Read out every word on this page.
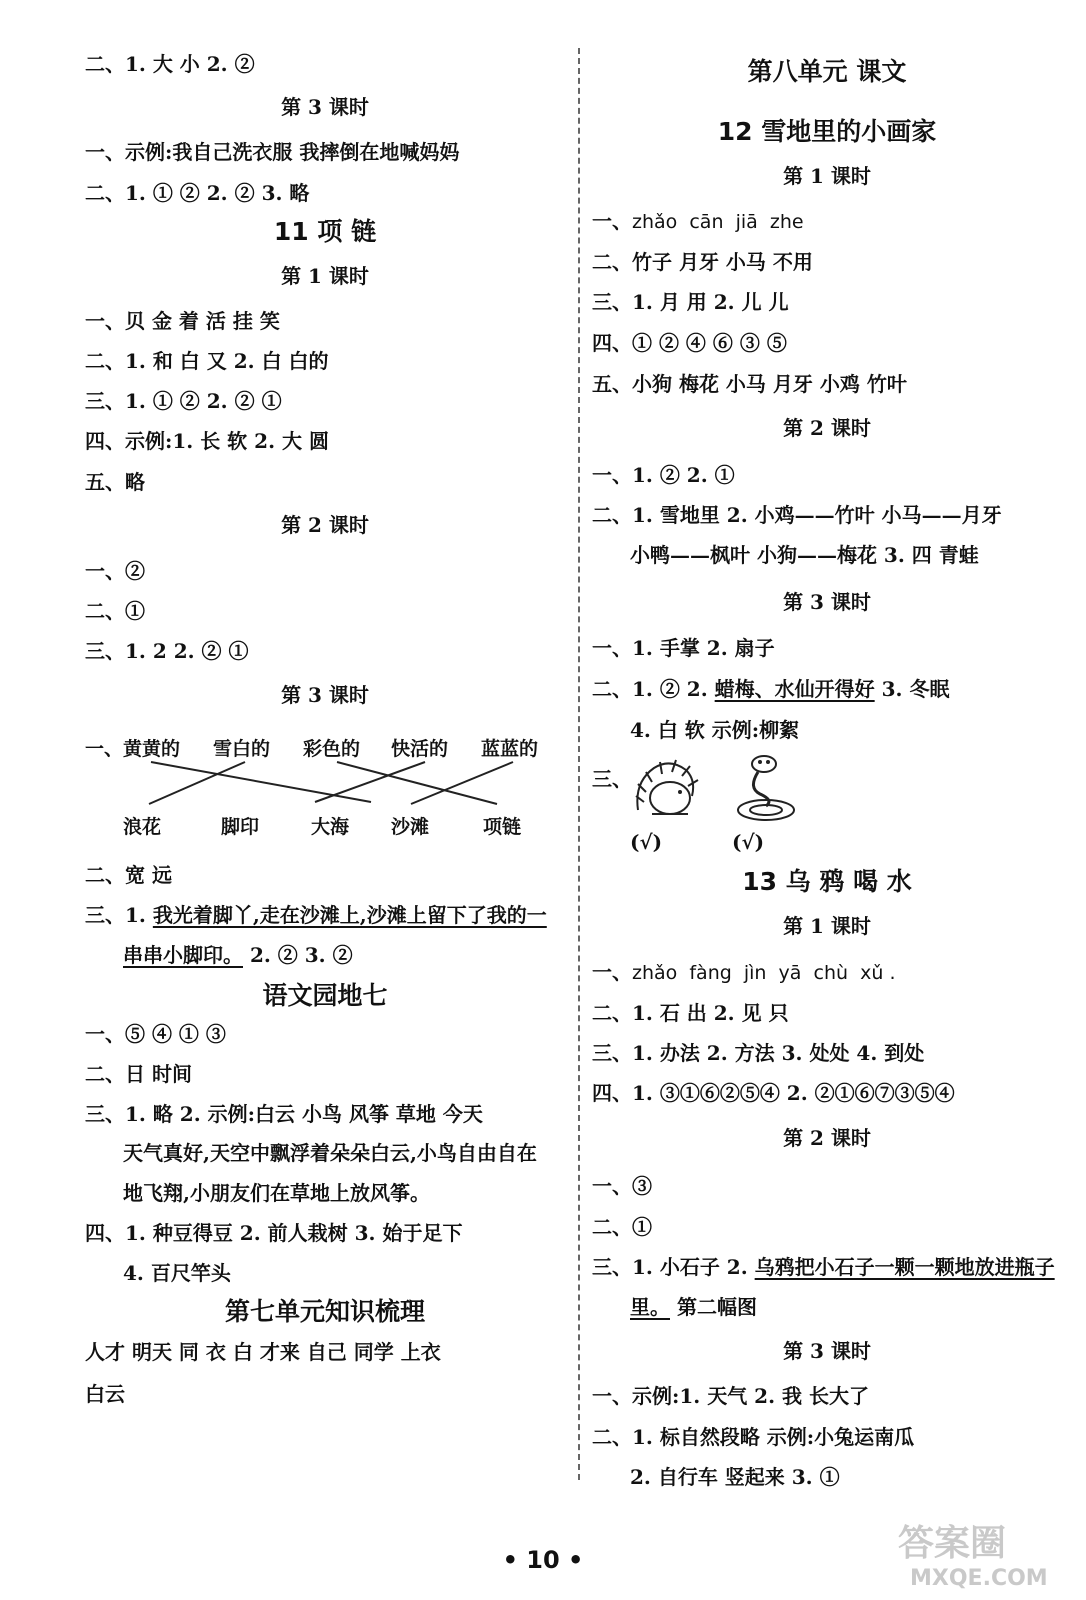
二、1. 大 小 2. ②
第 3 课时
一、示例:我自己洗衣服 我摔倒在地喊妈妈
二、1. ① ② 2. ② 3. 略
11 项 链
第 1 课时
一、贝 金 着 活 挂 笑
二、1. 和 白 又 2. 白 白的
三、1. ① ② 2. ② ①
四、示例:1. 长 软 2. 大 圆
五、略
第 2 课时
一、②
二、①
三、1. 2 2. ② ①
第 3 课时
一、 黄黄的 雪白的 彩色的 快活的 蓝蓝的
浪花	脚印	大海 沙滩	项链
二、宽 远
三、1. 我光着脚丫,走在沙滩上,沙滩上留下了我的一
串串小脚印。 2. ② 3. ②
语文园地七
一、⑤ ④ ① ③
二、日 时间
三、1. 略 2. 示例:白云 小鸟 风筝 草地 今天
天气真好,天空中飘浮着朵朵白云,小鸟自由自在
地飞翔,小朋友们在草地上放风筝。
四、1. 种豆得豆 2. 前人栽树 3. 始于足下
4. 百尺竿头
第七单元知识梳理
人才 明天 同 衣 白 才来 自己 同学 上衣
白云
第八单元 课文
12 雪地里的小画家
第 1 课时
一、zhǎo  cān  jiā  zhe
二、竹子 月牙 小马 不用
三、1. 月 用 2. 儿 儿
四、① ② ④ ⑥ ③ ⑤
五、小狗 梅花 小马 月牙 小鸡 竹叶
第 2 课时
一、1. ② 2. ①
二、1. 雪地里 2. 小鸡——竹叶 小马——月牙
小鸭——枫叶 小狗——梅花 3. 四 青蛙
第 3 课时
一、1. 手掌 2. 扇子
二、1. ② 2. 蜡梅、水仙开得好 3. 冬眠
4. 白 软 示例:柳絮
三、
(√)	(√)
13 乌 鸦 喝 水
第 1 课时
一、zhǎo  fàng  jìn  yā  chù  xǔ .
二、1. 石 出 2. 见 只
三、1. 办法 2. 方法 3. 处处 4. 到处
四、1. ③①⑥②⑤④ 2. ②①⑥⑦③⑤④
第 2 课时
一、③
二、①
三、1. 小石子 2. 乌鸦把小石子一颗一颗地放进瓶子
里。 第二幅图
第 3 课时
一、示例:1. 天气 2. 我 长大了
二、1. 标自然段略 示例:小兔运南瓜
2. 自行车 竖起来 3. ①
• 10 •	答案圈
MXQE.COM
